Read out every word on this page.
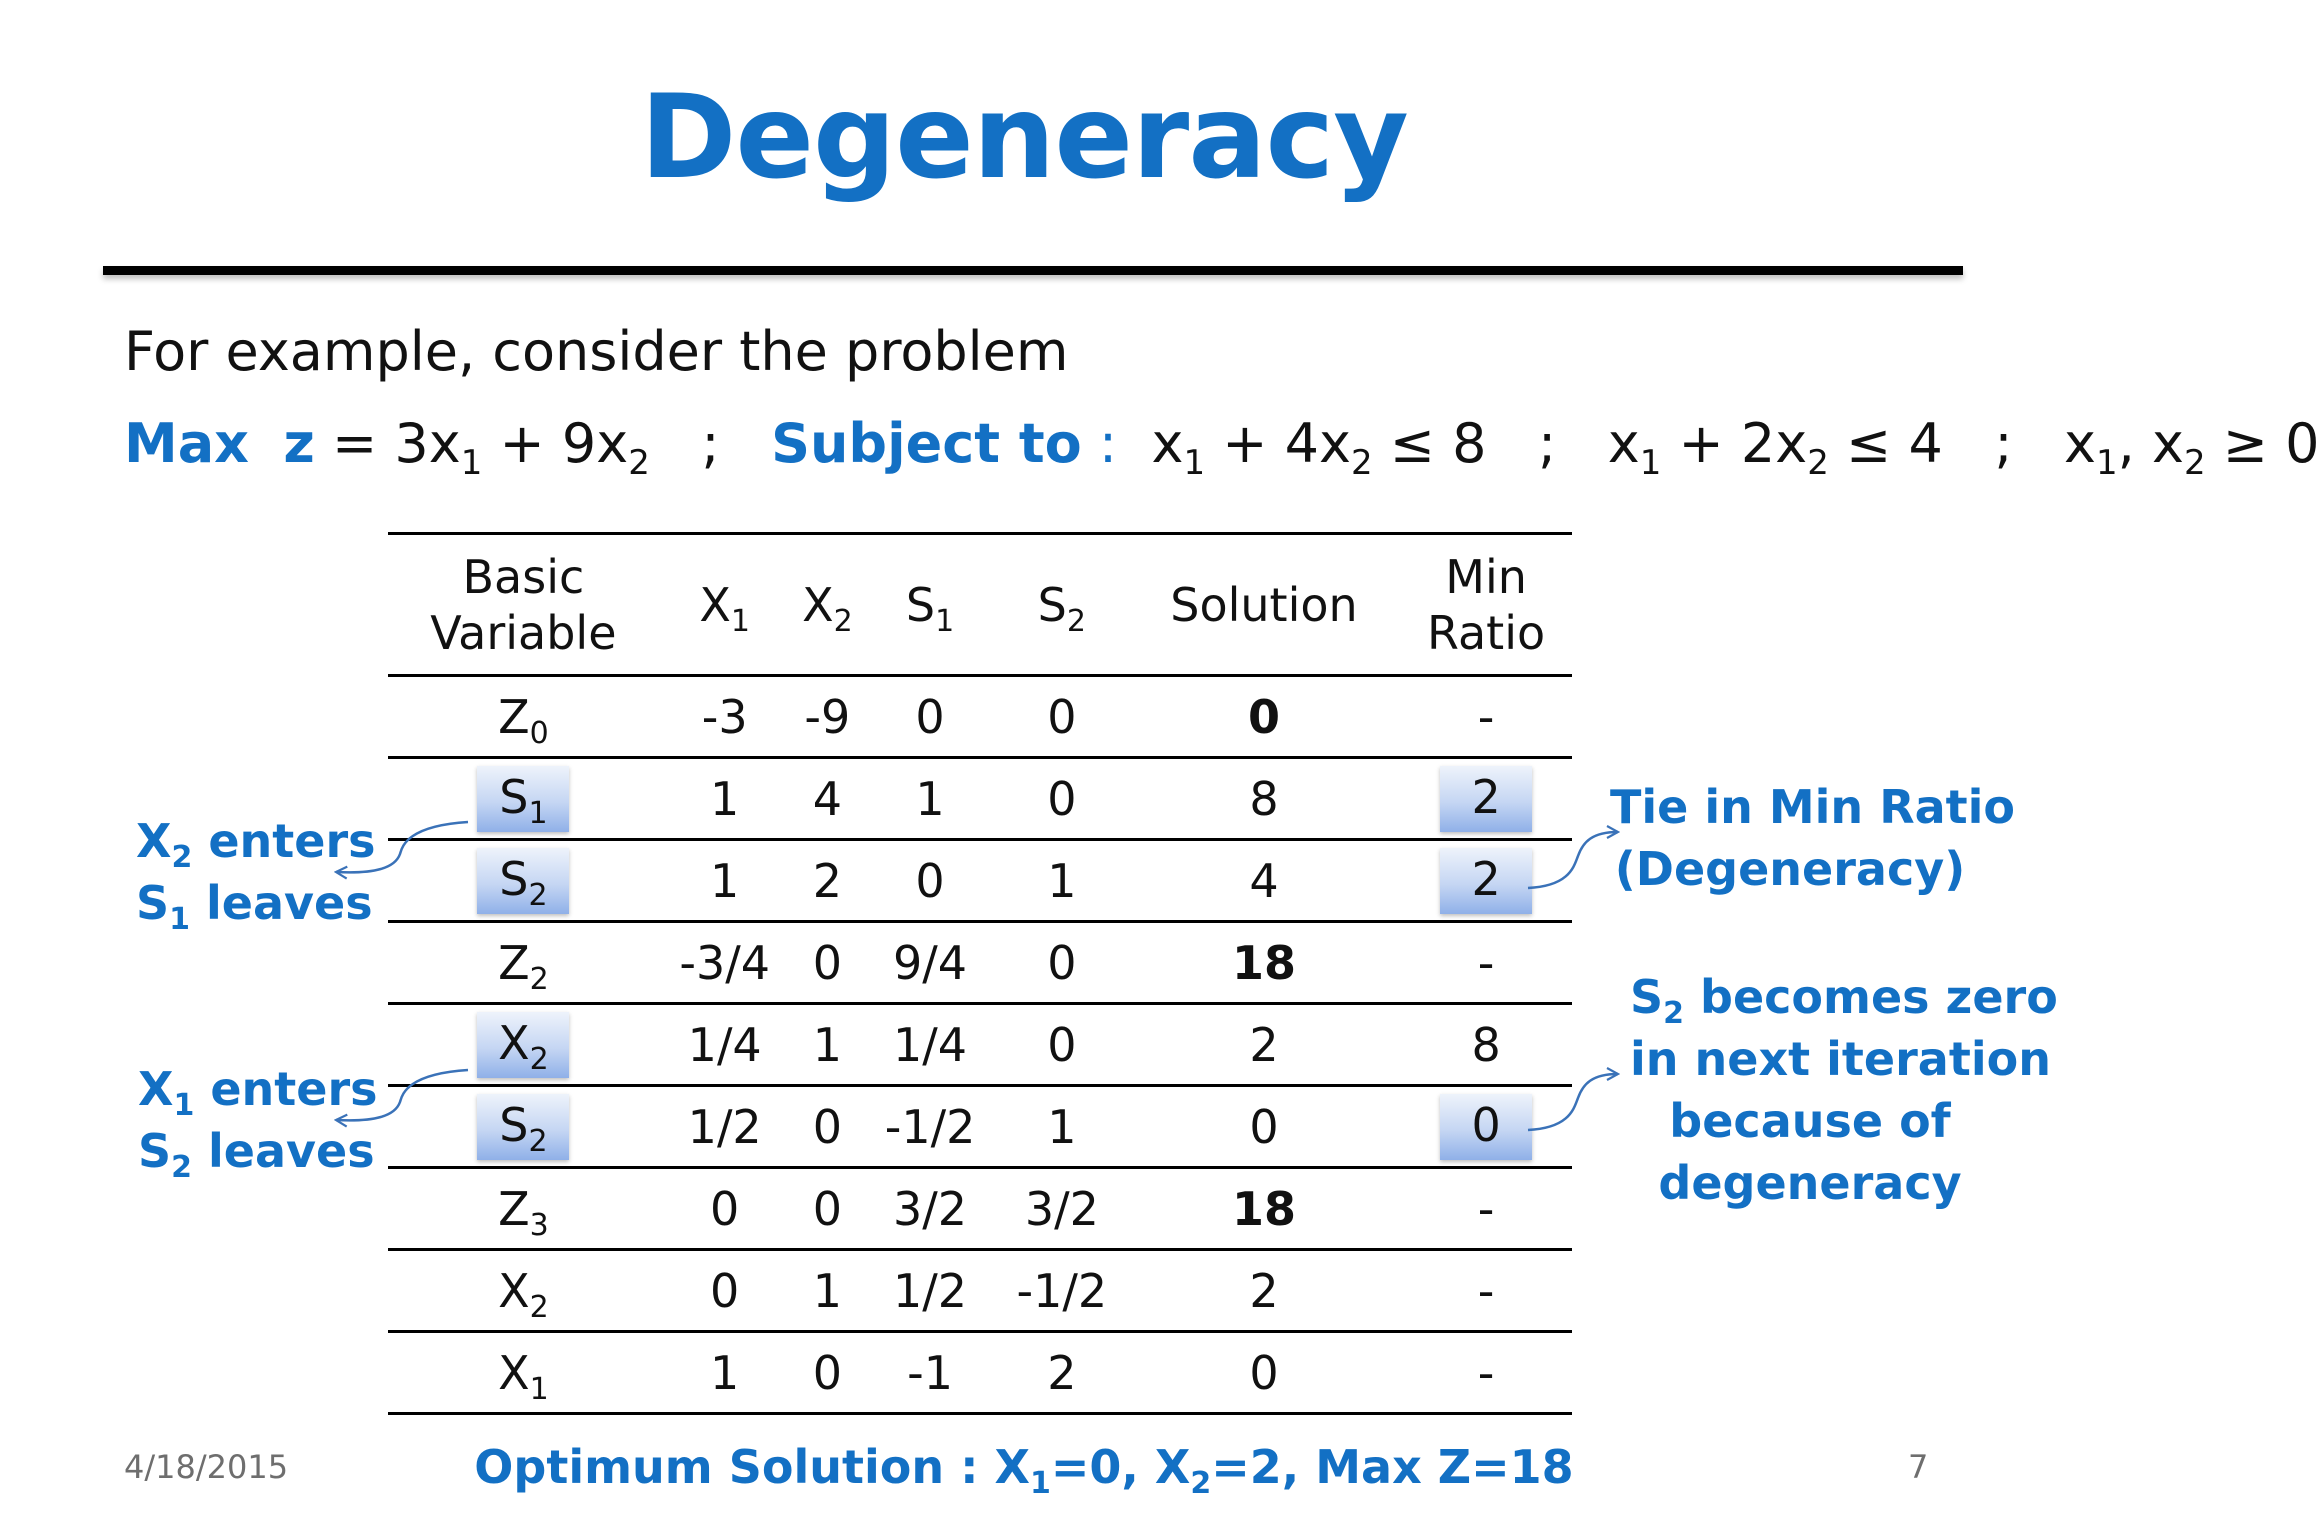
Degeneracy
For example, consider the problem
Max $z = 3x_1 + 9x_2$ ; Subject to : $x_1 + 4x_2 \le 8$ ; $x_1 + 2x_2 \le 4$ ; $x_1$, $x_2 \ge 0$
Basic
Variable	$X_1$	$X_2$	$S_1$	$S_2$	Solution	Min
Ratio
$Z_0$	-3	-9	0	0	0	-
$S_1$	1	4	1	0	8	2
$S_2$	1	2	0	1	4	2
$Z_2$	-3/4	0	9/4	0	18	-
$X_2$	1/4	1	1/4	0	2	8
$S_2$	1/2	0	-1/2	1	0	0
$Z_3$	0	0	3/2	3/2	18	-
$X_2$	0	1	1/2	-1/2	2	-
$X_1$	1	0	-1	2	0	-
$X_2$ enters
$S_1$ leaves
$X_1$ enters
$S_2$ leaves
Tie in Min Ratio
(Degeneracy)
$S_2$ becomes zero
in next iteration
because of
degeneracy
4/18/2015	Optimum Solution : $X_1=0$, $X_2=2$, Max Z=18	7
